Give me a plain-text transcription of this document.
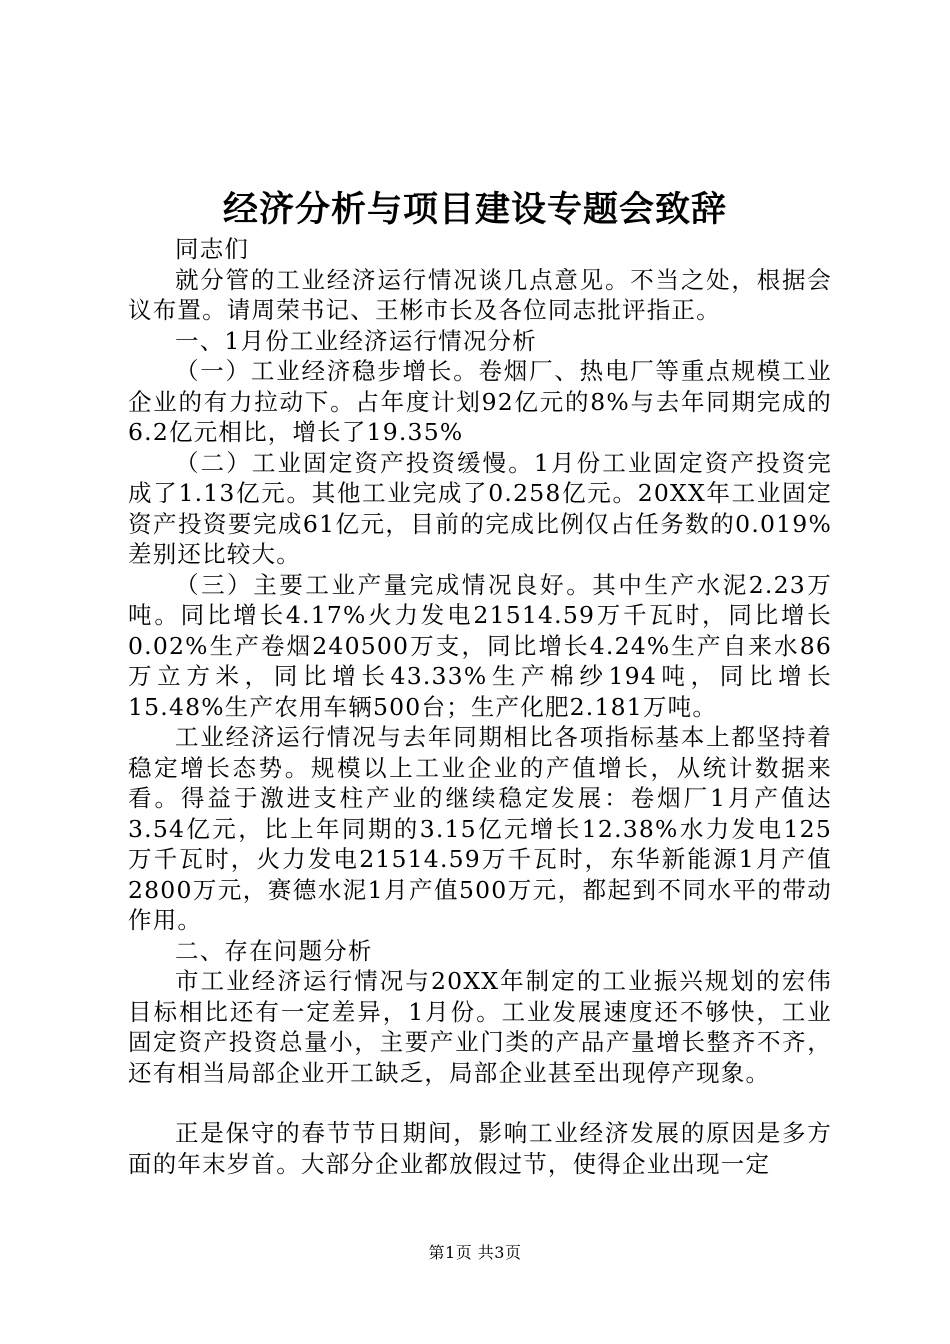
经济分析与项目建设专题会致辞

同志们

就分管的工业经济运行情况谈几点意见。不当之处，根据会议布置。请周荣书记、王彬市长及各位同志批评指正。

一、1月份工业经济运行情况分析

（一）工业经济稳步增长。卷烟厂、热电厂等重点规模工业企业的有力拉动下。占年度计划92亿元的8%与去年同期完成的6.2亿元相比，增长了19.35%

（二）工业固定资产投资缓慢。1月份工业固定资产投资完成了1.13亿元。其他工业完成了0.258亿元。20XX年工业固定资产投资要完成61亿元，目前的完成比例仅占任务数的0.019%差别还比较大。

（三）主要工业产量完成情况良好。其中生产水泥2.23万吨。同比增长4.17%火力发电21514.59万千瓦时，同比增长0.02%生产卷烟240500万支，同比增长4.24%生产自来水86万立方米，同比增长43.33%生产棉纱194吨，同比增长15.48%生产农用车辆500台；生产化肥2.181万吨。

工业经济运行情况与去年同期相比各项指标基本上都坚持着稳定增长态势。规模以上工业企业的产值增长，从统计数据来看。得益于激进支柱产业的继续稳定发展：卷烟厂1月产值达3.54亿元，比上年同期的3.15亿元增长12.38%水力发电125万千瓦时，火力发电21514.59万千瓦时，东华新能源1月产值2800万元，赛德水泥1月产值500万元，都起到不同水平的带动作用。

二、存在问题分析

市工业经济运行情况与20XX年制定的工业振兴规划的宏伟目标相比还有一定差异，1月份。工业发展速度还不够快，工业固定资产投资总量小，主要产业门类的产品产量增长整齐不齐，还有相当局部企业开工缺乏，局部企业甚至出现停产现象。

正是保守的春节节日期间，影响工业经济发展的原因是多方面的年末岁首。大部分企业都放假过节，使得企业出现一定

第1页 共3页
